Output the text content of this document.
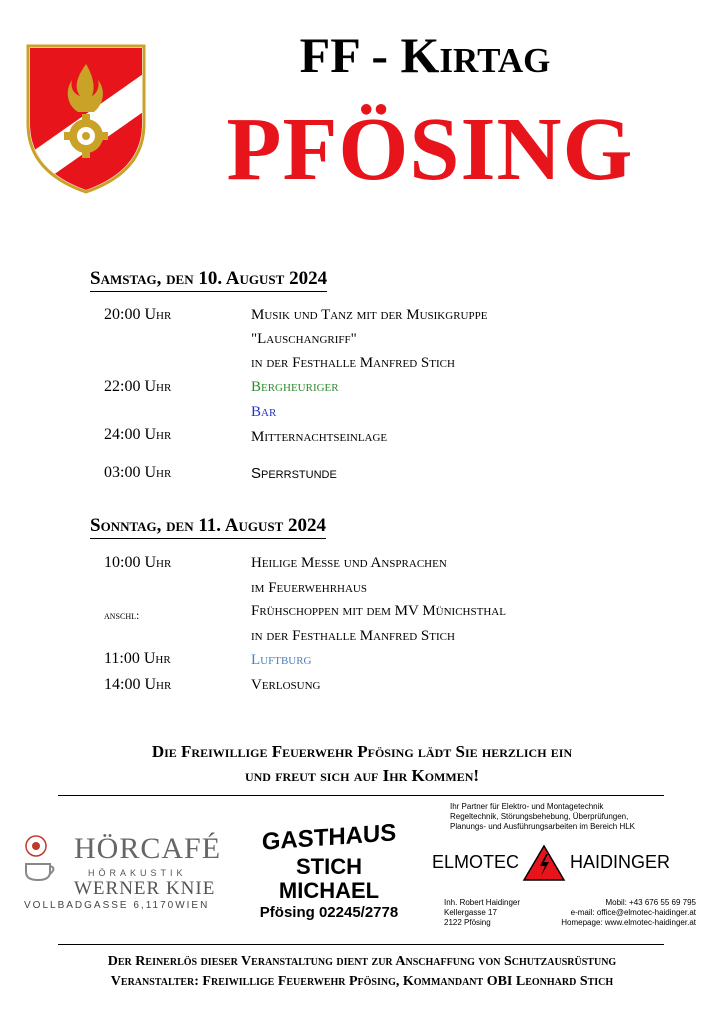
FF - Kirtag
PFÖSING
Samstag, den 10. August 2024
20:00 Uhr	Musik und Tanz mit der Musikgruppe
"Lauschangriff"
in der Festhalle Manfred Stich
22:00 Uhr	Bergheuriger
Bar
24:00 Uhr	Mitternachtseinlage
03:00 Uhr	Sperrstunde
Sonntag, den 11. August 2024
10:00 Uhr	Heilige Messe und Ansprachen
im Feuerwehrhaus
anschl:	Frühschoppen mit dem MV Münichsthal
in der Festhalle Manfred Stich
11:00 Uhr	Luftburg
14:00 Uhr	Verlosung
Die Freiwillige Feuerwehr Pfösing lädt Sie herzlich ein
und freut sich auf Ihr Kommen!
HÖRCAFÉ
HÖRAKUSTIK
WERNER KNIE
VOLLBADGASSE 6,1170WIEN
GASTHAUS
STICH
MICHAEL
Pfösing 02245/2778
Ihr Partner für Elektro- und Montagetechnik
Regeltechnik, Störungsbehebung, Überprüfungen,
Planungs- und Ausführungsarbeiten im Bereich HLK
ELMOTEC	HAIDINGER
Inh. Robert Haidinger
Kellergasse 17
2122 Pfösing
Mobil: +43 676 55 69 795
e-mail: office@elmotec-haidinger.at
Homepage: www.elmotec-haidinger.at
Der Reinerlös dieser Veranstaltung dient zur Anschaffung von Schutzausrüstung
Veranstalter: Freiwillige Feuerwehr Pfösing, Kommandant OBI Leonhard Stich
